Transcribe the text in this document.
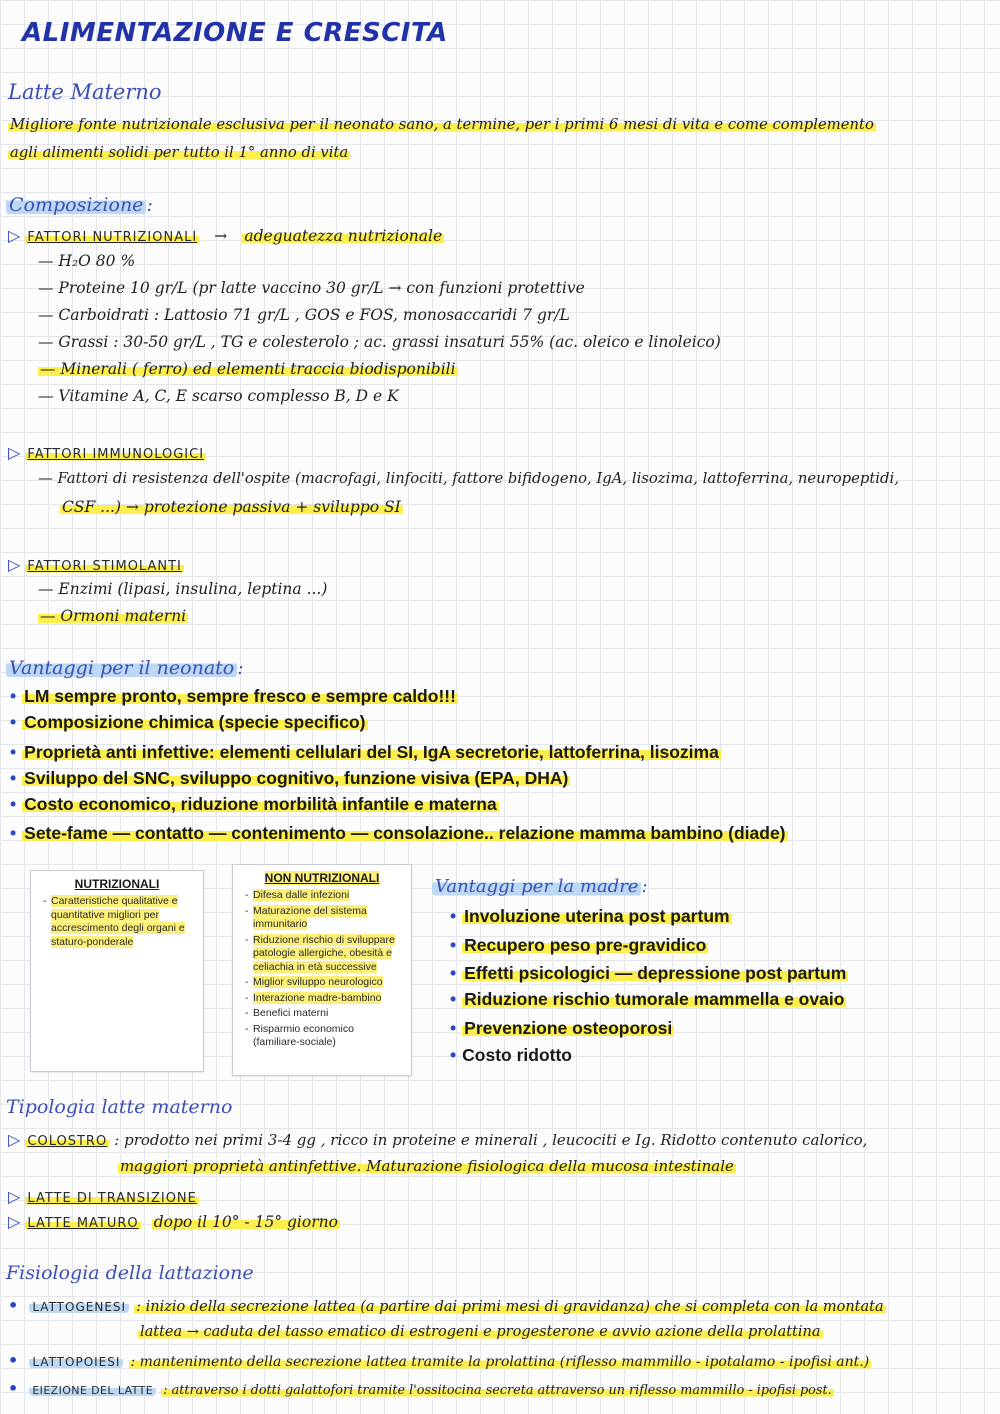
ALIMENTAZIONE E CRESCITA
Latte Materno
Migliore fonte nutrizionale esclusiva per il neonato sano, a termine, per i primi 6 mesi di vita e come complemento
agli alimenti solidi per tutto il 1° anno di vita
Composizione :
▷ FATTORI NUTRIZIONALI → adeguatezza nutrizionale
— H₂O 80 %
— Proteine 10 gr/L (pr latte vaccino 30 gr/L → con funzioni protettive
— Carboidrati : Lattosio 71 gr/L , GOS e FOS, monosaccaridi 7 gr/L
— Grassi : 30-50 gr/L , TG e colesterolo ; ac. grassi insaturi 55% (ac. oleico e linoleico)
— Minerali ( ferro) ed elementi traccia biodisponibili
— Vitamine A, C, E scarso complesso B, D e K
▷ FATTORI IMMUNOLOGICI
— Fattori di resistenza dell'ospite (macrofagi, linfociti, fattore bifidogeno, IgA, lisozima, lattoferrina, neuropeptidi,
CSF ...) → protezione passiva + sviluppo SI
▷ FATTORI STIMOLANTI
— Enzimi (lipasi, insulina, leptina ...)
— Ormoni materni
Vantaggi per il neonato :
• LM sempre pronto, sempre fresco e sempre caldo!!!
• Composizione chimica (specie specifico)
• Proprietà anti infettive: elementi cellulari del SI, IgA secretorie, lattoferrina, lisozima
• Sviluppo del SNC, sviluppo cognitivo, funzione visiva (EPA, DHA)
• Costo economico, riduzione morbilità infantile e materna
• Sete-fame — contatto — contenimento — consolazione.. relazione mamma bambino (diade)
NUTRIZIONALI
- Caratteristiche qualitative e quantitative migliori per accrescimento degli organi e staturo-ponderale
NON NUTRIZIONALI
- Difesa dalle infezioni
- Maturazione del sistema immunitario
- Riduzione rischio di sviluppare patologie allergiche, obesità e celiachia in età successive
- Miglior sviluppo neurologico
- Interazione madre-bambino
- Benefici materni
- Risparmio economico (familiare-sociale)
Vantaggi per la madre :
• Involuzione uterina post partum
• Recupero peso pre-gravidico
• Effetti psicologici — depressione post partum
• Riduzione rischio tumorale mammella e ovaio
• Prevenzione osteoporosi
• Costo ridotto
Tipologia latte materno
▷ COLOSTRO : prodotto nei primi 3-4 gg , ricco in proteine e minerali , leucociti e Ig. Ridotto contenuto calorico,
maggiori proprietà antinfettive. Maturazione fisiologica della mucosa intestinale
▷ LATTE DI TRANSIZIONE
▷ LATTE MATURO dopo il 10° - 15° giorno
Fisiologia della lattazione
• LATTOGENESI : inizio della secrezione lattea (a partire dai primi mesi di gravidanza) che si completa con la montata
lattea → caduta del tasso ematico di estrogeni e progesterone e avvio azione della prolattina
• LATTOPOIESI : mantenimento della secrezione lattea tramite la prolattina (riflesso mammillo - ipotalamo - ipofisi ant.)
• EIEZIONE DEL LATTE : attraverso i dotti galattofori tramite l'ossitocina secreta attraverso un riflesso mammillo - ipofisi post.
